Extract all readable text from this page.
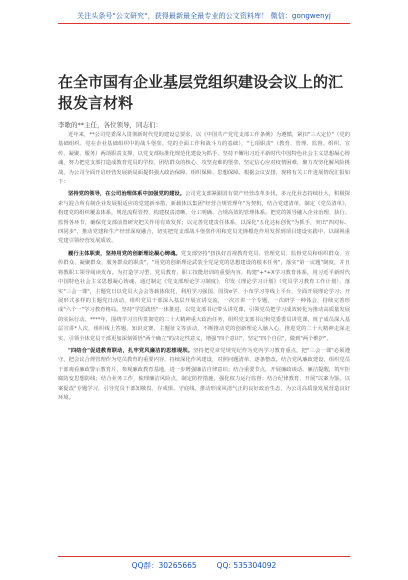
关注头条号"公文研究"，获得最新最全最专业的公文资料库！ 微信：gongwenyj
在全市国有企业基层党组织建设会议上的汇报发言材料
李歌的**主任，各位领导，同志们：

近年来，**公司党委深入贯彻新时代党的建设总要求，以《中国共产党党支部工作条例》为遵循，紧扣"三大定位"（党的基础组织、党在企业基础组织中的战斗堡垒、党的全面工作和战斗力的基础），"七项职责"（教育、管理、监督、组织、宣传、凝聚、服务）两项职责支撑，以党支部标准化规范化建设为抓手，坚持不懈用习近平新时代中国特色社会主义思想凝心铸魂，努力把党支部打造成教育党员的学校、团结群众的核心、攻坚克难的堡垒，坚定信心应对疫情困难，聚力攻坚化解风险挑战，为公司全面开启经营发展新局面提供强大政治保障、组织保障、思想保障。根据会议安排，现将有关工作进展情况汇报如下：

坚持党的领导，在公司治理体系中加强党的建设。公司党支部紧跟国有资产经营改革步伐，多元化业态持续壮大，积极探索与混合所有制企业发展相适应的党建新举措，新载体以集团"经营合规管理年"为契机，结合党建清单，制定《党员清单》，构建党的组织覆盖体系，规范流程管控，构建权责清晰、分工明确、合规高效的管理体系。把党的领导融入企业治理、执行、监督各环节，确保党支部前置研究把关作用有效发挥；以完善党建责任体系，以深化"五化达标创优"为抓手，突出"四对标、四同步"，推动党建和生产经营深度融合，切实把党支部战斗堡垒作用和党员先锋模范作用发挥到项目建设实践中，以阔视重党建引领经营发展质效。

履行主体职责，坚持用党的创新理论凝心铸魂。党支部坚持"扭执好首视教育党员、管理党员、监督党员和组织群众、宣传群众、凝聚群众、服务群众的职责"，"用党的创新理论武装全党是党的思想建设的根本任务"，落实"第一议题"制度，并且将教职工领导阅读发布。为打造学习型、党员教育、职工技能培训的重要内容，构建"+*+X学习教育体系，用习近平新时代中国特色社会主义思想凝心铸魂，通过制定《党支部理论学习制度》，印发《理论学习计划》（党员学习教育工作计划），落实"三会一课"，主题党日以党员大会会等载体依托，利用学习强国、国资e学、小布学习等线上平台，全面开展理论学习；开展形式多样的主题党日活动，组织党员干部深入基层开展宣讲交流，一次宣讲一个专题，一次研学一种体会，持续完善形成"六个一"学习教育格局。坚持"学思践悟"一体推进，以党支部书记带头讲党课，引领党员把学习成效转化为推动高质量发展的实际行动。****年，围绕学习宣传贯彻党的二十大精神重大政治任务，组织党支部书记和党委委员讲党课，班子成员深入基层宣讲*人次，组织线上答题、知识竞赛，主题征文等活动，不断推动党的创新理论入脑入心，推进党的二十大精神走深走实，引领全体党员干部更加深刻领悟"两个确立"的决定性意义，增强"四个意识"，坚定"四个自信"，做到"两个维护"。

"四结合"促进教育联动，扎牢党风廉洁的思想堤坝。坚持把党章党规党纪作为党内学习教育重点，把"三会一课"必须遵守，把会议合规管理作为党员教育的重要内容，持续深化作风建设，对照问题清单，逐条整改。结合党风廉政建设，组织党员干部观看廉政警示教育片，参观廉政教育基地，进一步增强廉洁自律意识；结合重要节点，开展廉政谈话、廉洁提醒，筑牢拒腐防变思想防线；结合业务工作，梳理廉洁风险点，制定防控措施，强化权力运行监督；结合纪律教育，开展"以案为鉴、以案促改"专题学习，引导党员干部知敬畏、存戒惧、守底线，推动形成风清气正的良好政治生态，为公司高质量发展营造良好环境。

QQ群：30265665	QQ: 535304092
